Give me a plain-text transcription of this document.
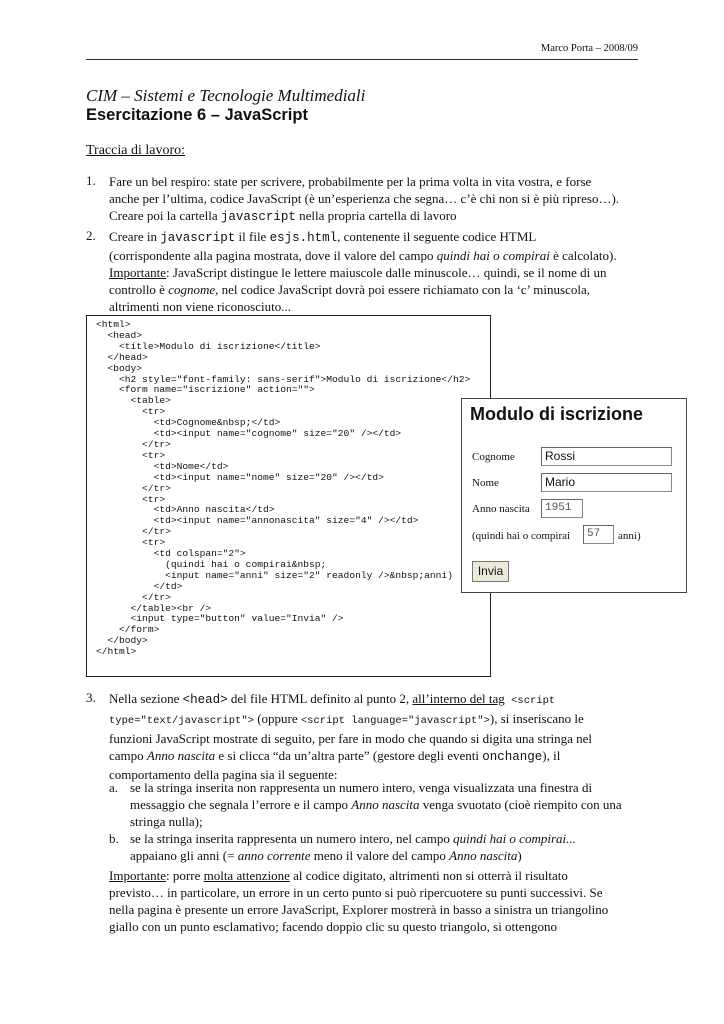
Marco Porta – 2008/09
CIM – Sistemi e Tecnologie Multimediali
Esercitazione 6 – JavaScript
Traccia di lavoro:
1. Fare un bel respiro: state per scrivere, probabilmente per la prima volta in vita vostra, e forse
anche per l’ultima, codice JavaScript (è un’esperienza che segna… c’è chi non si è più ripreso…).
Creare poi la cartella javascript nella propria cartella di lavoro
2. Creare in javascript il file esjs.html, contenente il seguente codice HTML
(corrispondente alla pagina mostrata, dove il valore del campo quindi hai o compirai è calcolato).
Importante: JavaScript distingue le lettere maiuscole dalle minuscole… quindi, se il nome di un
controllo è cognome, nel codice JavaScript dovrà poi essere richiamato con la ‘c’ minuscola,
altrimenti non viene riconosciuto...
<html>
<head>
<title>Modulo di iscrizione</title>
</head>
<body>
<h2 style="font-family: sans-serif">Modulo di iscrizione</h2>
<form name="iscrizione" action="">
<table>
<tr>
<td>Cognome&nbsp;</td>
<td><input name="cognome" size="20" /></td>
</tr>
<tr>
<td>Nome</td>
<td><input name="nome" size="20" /></td>
</tr>
<tr>
<td>Anno nascita</td>
<td><input name="annonascita" size="4" /></td>
</tr>
<tr>
<td colspan="2">
(quindi hai o compirai&nbsp;
<input name="anni" size="2" readonly />&nbsp;anni)
</td>
</tr>
</table><br />
<input type="button" value="Invia" />
</form>
</body>
</html>
Modulo di iscrizione
Cognome	Rossi
Nome	Mario
Anno nascita	1951
(quindi hai o compirai	57	anni)
Invia
3. Nella sezione <head> del file HTML definito al punto 2, all’interno del tag <script
type="text/javascript"> (oppure <script language="javascript">), si inseriscano le
funzioni JavaScript mostrate di seguito, per fare in modo che quando si digita una stringa nel
campo Anno nascita e si clicca “da un’altra parte” (gestore degli eventi onchange), il
comportamento della pagina sia il seguente:
a. se la stringa inserita non rappresenta un numero intero, venga visualizzata una finestra di
messaggio che segnala l’errore e il campo Anno nascita venga svuotato (cioè riempito con una
stringa nulla);
b. se la stringa inserita rappresenta un numero intero, nel campo quindi hai o compirai...
appaiano gli anni (= anno corrente meno il valore del campo Anno nascita)
Importante: porre molta attenzione al codice digitato, altrimenti non si otterrà il risultato
previsto… in particolare, un errore in un certo punto si può ripercuotere su punti successivi. Se
nella pagina è presente un errore JavaScript, Explorer mostrerà in basso a sinistra un triangolino
giallo con un punto esclamativo; facendo doppio clic su questo triangolo, si ottengono
